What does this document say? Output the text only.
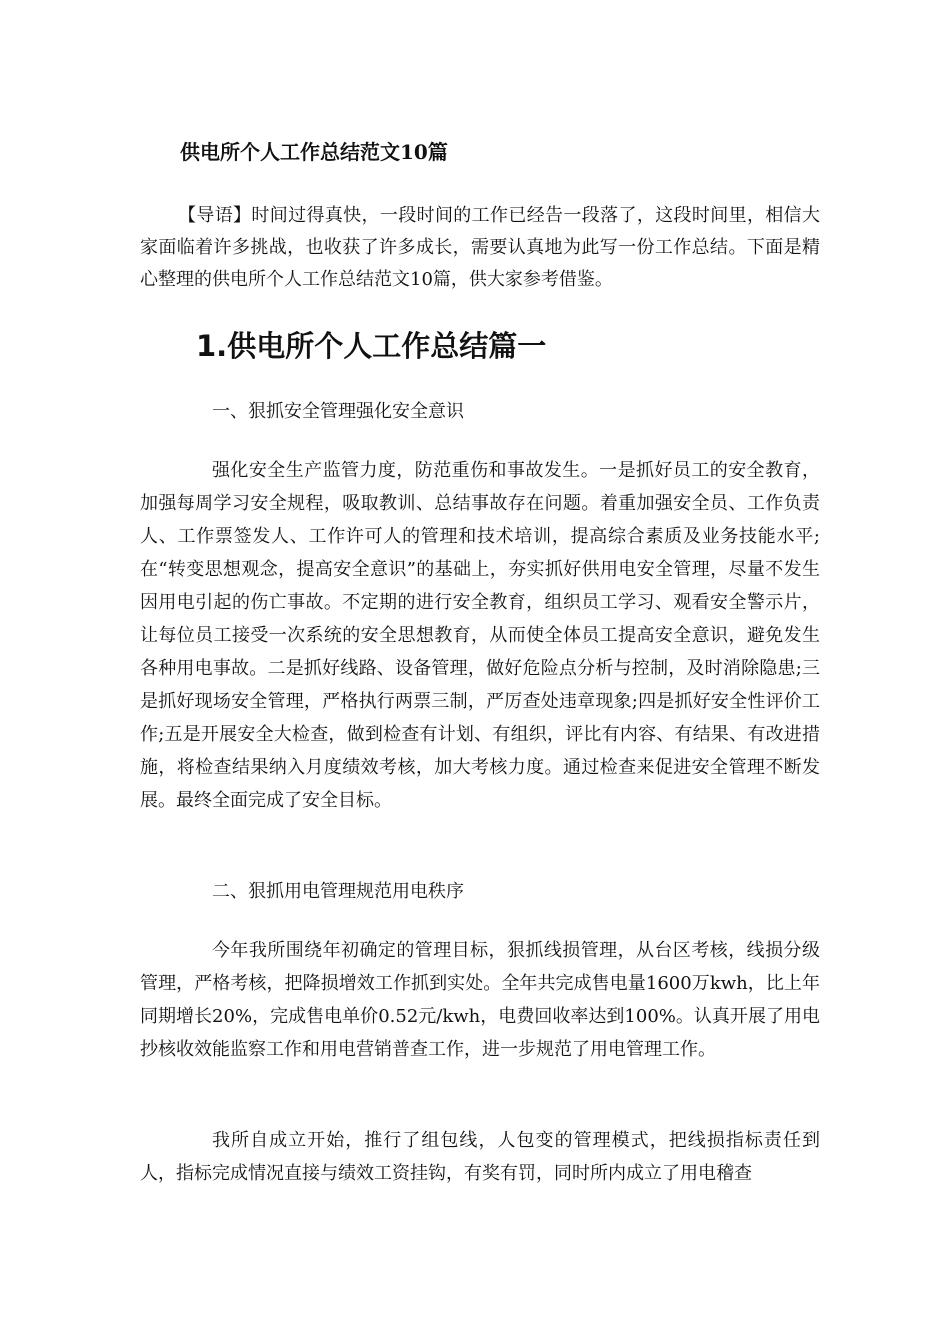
供电所个人工作总结范文10篇

【导语】时间过得真快，一段时间的工作已经告一段落了，这段时间里，相信大家面临着许多挑战，也收获了许多成长，需要认真地为此写一份工作总结。下面是精心整理的供电所个人工作总结范文10篇，供大家参考借鉴。

1.供电所个人工作总结篇一
一、狠抓安全管理强化安全意识

强化安全生产监管力度，防范重伤和事故发生。一是抓好员工的安全教育，加强每周学习安全规程，吸取教训、总结事故存在问题。着重加强安全员、工作负责人、工作票签发人、工作许可人的管理和技术培训，提高综合素质及业务技能水平;在“转变思想观念，提高安全意识”的基础上，夯实抓好供用电安全管理，尽量不发生因用电引起的伤亡事故。不定期的进行安全教育，组织员工学习、观看安全警示片，让每位员工接受一次系统的安全思想教育，从而使全体员工提高安全意识，避免发生各种用电事故。二是抓好线路、设备管理，做好危险点分析与控制，及时消除隐患;三是抓好现场安全管理，严格执行两票三制，严厉查处违章现象;四是抓好安全性评价工作;五是开展安全大检查，做到检查有计划、有组织，评比有内容、有结果、有改进措施，将检查结果纳入月度绩效考核，加大考核力度。通过检查来促进安全管理不断发展。最终全面完成了安全目标。

二、狠抓用电管理规范用电秩序

今年我所围绕年初确定的管理目标，狠抓线损管理，从台区考核，线损分级管理，严格考核，把降损增效工作抓到实处。全年共完成售电量1600万kwh，比上年同期增长20%，完成售电单价0.52元/kwh，电费回收率达到100%。认真开展了用电抄核收效能监察工作和用电营销普查工作，进一步规范了用电管理工作。

我所自成立开始，推行了组包线，人包变的管理模式，把线损指标责任到人，指标完成情况直接与绩效工资挂钩，有奖有罚，同时所内成立了用电稽查
